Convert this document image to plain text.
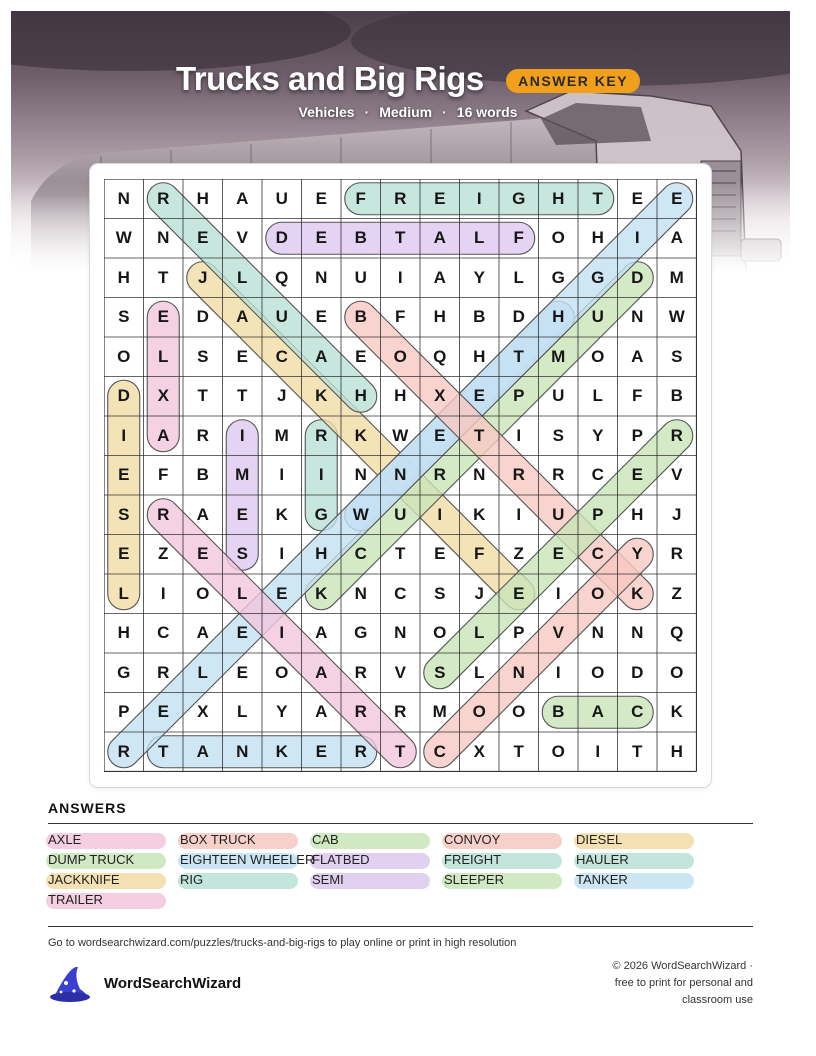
Trucks and Big Rigs ANSWER KEY
Vehicles · Medium · 16 words
N	R	H	A	U	E	F	R	E	I	G	H	T	E	E
W	N	E	V	D	E	B	T	A	L	F	O	H	I	A
H	T	J	L	Q	N	U	I	A	Y	L	G	G	D	M
S	E	D	A	U	E	B	F	H	B	D	H	U	N	W
O	L	S	E	C	A	E	O	Q	H	T	M	O	A	S
D	X	T	T	J	K	H	H	X	E	P	U	L	F	B
I	A	R	I	M	R	K	W	E	T	I	S	Y	P	R
E	F	B	M	I	I	N	N	R	N	R	R	C	E	V
S	R	A	E	K	G	W	U	I	K	I	U	P	H	J
E	Z	E	S	I	H	C	T	E	F	Z	E	C	Y	R
L	I	O	L	E	K	N	C	S	J	E	I	O	K	Z
H	C	A	E	I	A	G	N	O	L	P	V	N	N	Q
G	R	L	E	O	A	R	V	S	L	N	I	O	D	O
P	E	X	L	Y	A	R	R	M	O	O	B	A	C	K
R	T	A	N	K	E	R	T	C	X	T	O	I	T	H
ANSWERS
AXLE	BOX TRUCK	CAB	CONVOY	DIESEL
DUMP TRUCK	EIGHTEEN WHEELER
FLATBED	FREIGHT	HAULER
JACKKNIFE	RIG	SEMI	SLEEPER	TANKER
TRAILER
Go to wordsearchwizard.com/puzzles/trucks-and-big-rigs to play online or print in high resolution
WordSearchWizard
© 2026 WordSearchWizard ·
free to print for personal and
classroom use
